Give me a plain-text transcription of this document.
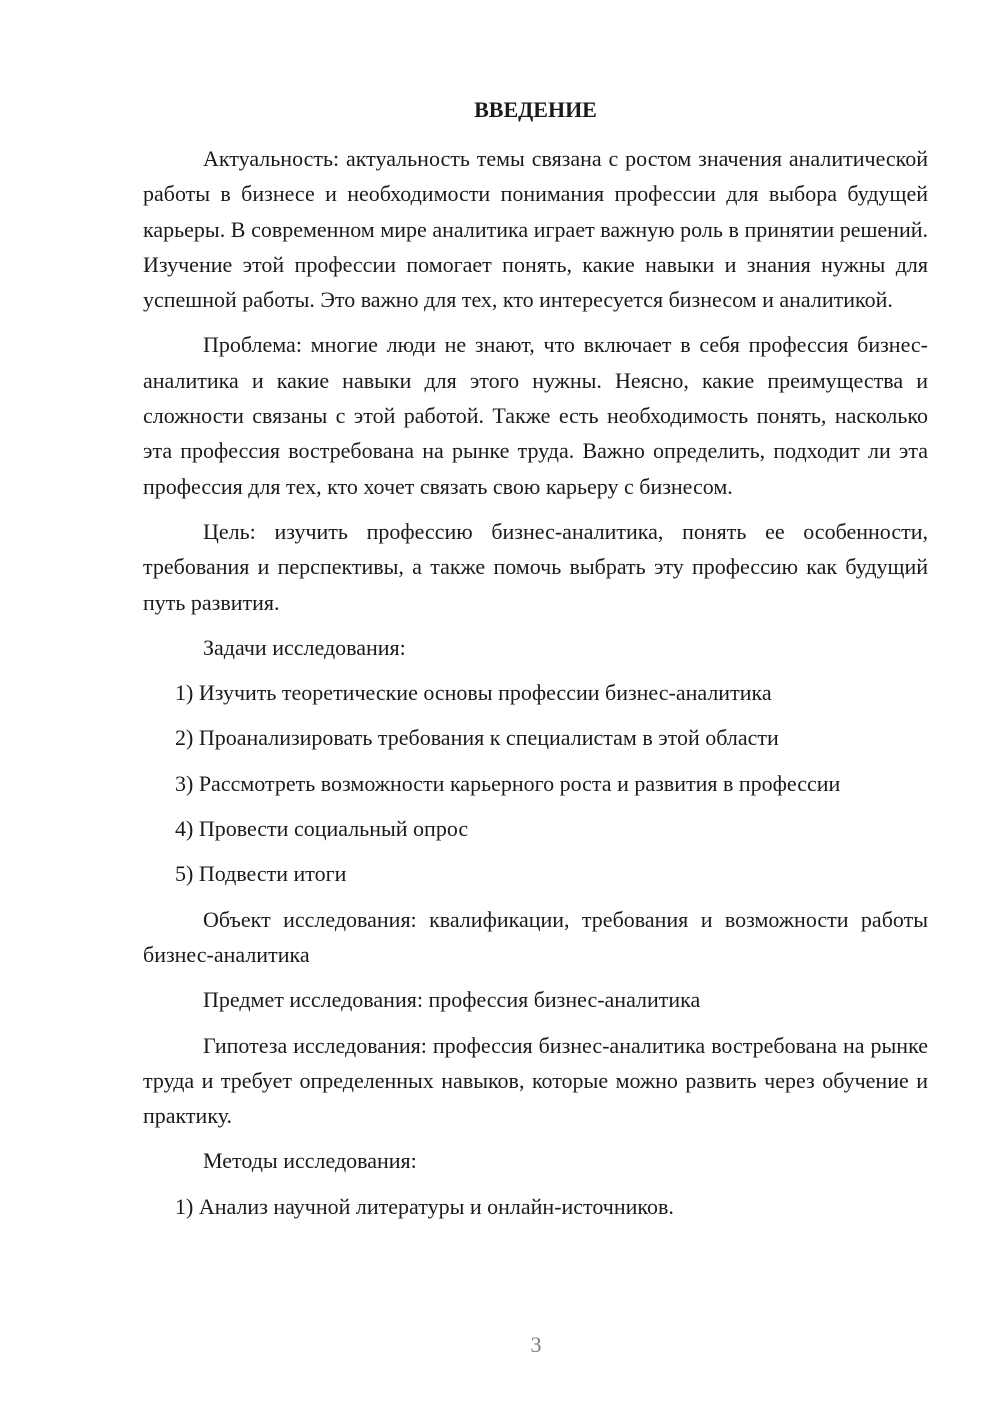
ВВЕДЕНИЕ

Актуальность: актуальность темы связана с ростом значения аналитической работы в бизнесе и необходимости понимания профессии для выбора будущей карьеры. В современном мире аналитика играет важную роль в принятии решений. Изучение этой профессии помогает понять, какие навыки и знания нужны для успешной работы. Это важно для тех, кто интересуется бизнесом и аналитикой.

Проблема: многие люди не знают, что включает в себя профессия бизнес-аналитика и какие навыки для этого нужны. Неясно, какие преимущества и сложности связаны с этой работой. Также есть необходимость понять, насколько эта профессия востребована на рынке труда. Важно определить, подходит ли эта профессия для тех, кто хочет связать свою карьеру с бизнесом.

Цель: изучить профессию бизнес-аналитика, понять ее особенности, требования и перспективы, а также помочь выбрать эту профессию как будущий путь развития.

Задачи исследования:

1) Изучить теоретические основы профессии бизнес-аналитика
2) Проанализировать требования к специалистам в этой области
3) Рассмотреть возможности карьерного роста и развития в профессии
4) Провести социальный опрос
5) Подвести итоги

Объект исследования: квалификации, требования и возможности работы бизнес-аналитика

Предмет исследования: профессия бизнес-аналитика

Гипотеза исследования: профессия бизнес-аналитика востребована на рынке труда и требует определенных навыков, которые можно развить через обучение и практику.

Методы исследования:

1) Анализ научной литературы и онлайн-источников.
3
